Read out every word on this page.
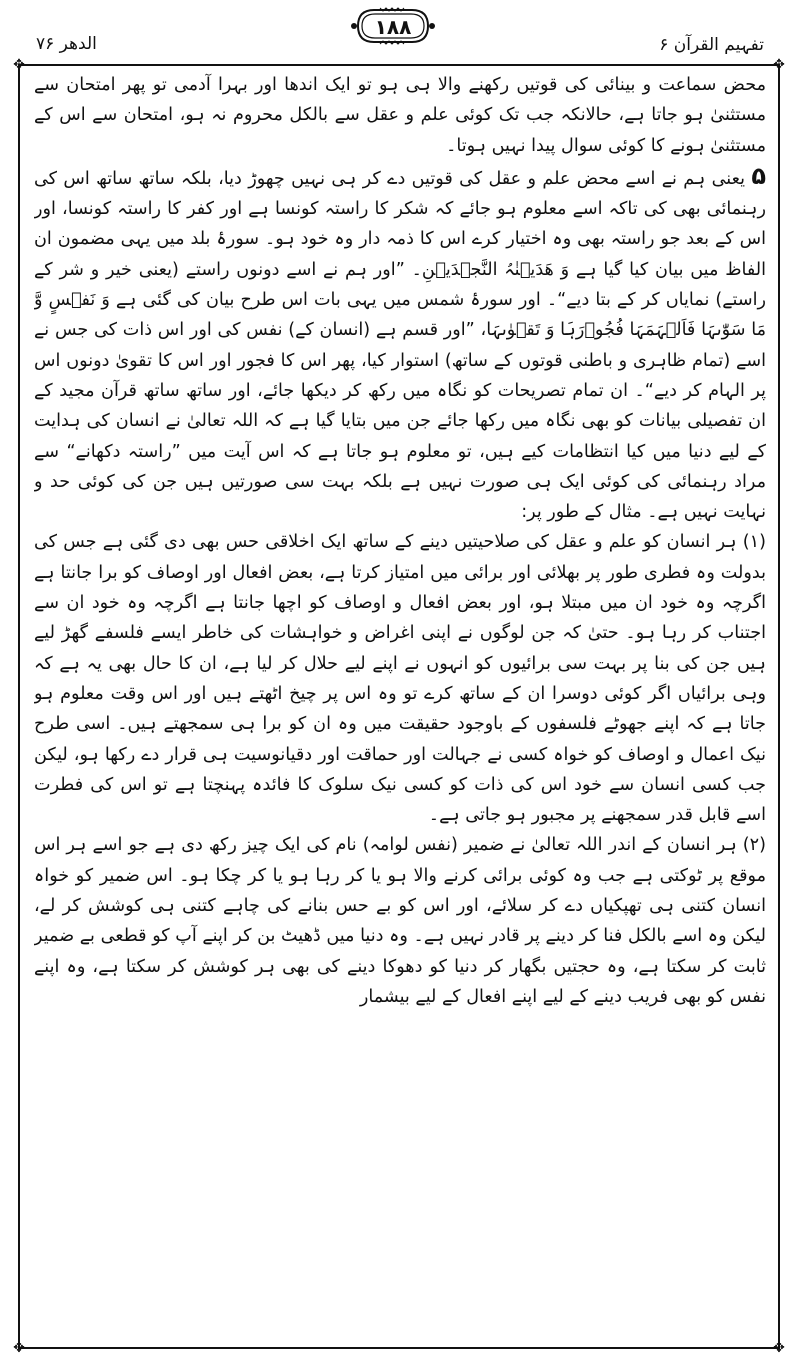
الدھر ۷۶
۱۸۸
تفہیم القرآن ۶
✥	✥
✥	✥

محض سماعت و بینائی کی قوتیں رکھنے والا ہی ہو تو ایک اندھا اور بہرا آدمی تو پھر امتحان سے مستثنیٰ ہو جاتا ہے، حالانکہ جب تک کوئی علم و عقل سے بالکل محروم نہ ہو، امتحان سے اس کے مستثنیٰ ہونے کا کوئی سوال پیدا نہیں ہوتا۔

۵ یعنی ہم نے اسے محض علم و عقل کی قوتیں دے کر ہی نہیں چھوڑ دیا، بلکہ ساتھ ساتھ اس کی رہنمائی بھی کی تاکہ اسے معلوم ہو جائے کہ شکر کا راستہ کونسا ہے اور کفر کا راستہ کونسا، اور اس کے بعد جو راستہ بھی وہ اختیار کرے اس کا ذمہ دار وہ خود ہو۔ سورۂ بلد میں یہی مضمون ان الفاظ میں بیان کیا گیا ہے وَ ھَدَیۡنٰہُ النَّجۡدَیۡنِ۔ ”اور ہم نے اسے دونوں راستے (یعنی خیر و شر کے راستے) نمایاں کر کے بتا دیے“۔ اور سورۂ شمس میں یہی بات اس طرح بیان کی گئی ہے وَ نَفۡسٍ وَّ مَا سَوّٰىہَا فَاَلۡہَمَہَا فُجُوۡرَہَا وَ تَقۡوٰىہَا، ”اور قسم ہے (انسان کے) نفس کی اور اس ذات کی جس نے اسے (تمام ظاہری و باطنی قوتوں کے ساتھ) استوار کیا، پھر اس کا فجور اور اس کا تقویٰ دونوں اس پر الہام کر دیے“۔ ان تمام تصریحات کو نگاہ میں رکھ کر دیکھا جائے، اور ساتھ ساتھ قرآن مجید کے ان تفصیلی بیانات کو بھی نگاہ میں رکھا جائے جن میں بتایا گیا ہے کہ اللہ تعالیٰ نے انسان کی ہدایت کے لیے دنیا میں کیا انتظامات کیے ہیں، تو معلوم ہو جاتا ہے کہ اس آیت میں ”راستہ دکھانے“ سے مراد رہنمائی کی کوئی ایک ہی صورت نہیں ہے بلکہ بہت سی صورتیں ہیں جن کی کوئی حد و نہایت نہیں ہے۔ مثال کے طور پر:

(۱) ہر انسان کو علم و عقل کی صلاحیتیں دینے کے ساتھ ایک اخلاقی حس بھی دی گئی ہے جس کی بدولت وہ فطری طور پر بھلائی اور برائی میں امتیاز کرتا ہے، بعض افعال اور اوصاف کو برا جانتا ہے اگرچہ وہ خود ان میں مبتلا ہو، اور بعض افعال و اوصاف کو اچھا جانتا ہے اگرچہ وہ خود ان سے اجتناب کر رہا ہو۔ حتیٰ کہ جن لوگوں نے اپنی اغراض و خواہشات کی خاطر ایسے فلسفے گھڑ لیے ہیں جن کی بنا پر بہت سی برائیوں کو انہوں نے اپنے لیے حلال کر لیا ہے، ان کا حال بھی یہ ہے کہ وہی برائیاں اگر کوئی دوسرا ان کے ساتھ کرے تو وہ اس پر چیخ اٹھتے ہیں اور اس وقت معلوم ہو جاتا ہے کہ اپنے جھوٹے فلسفوں کے باوجود حقیقت میں وہ ان کو برا ہی سمجھتے ہیں۔ اسی طرح نیک اعمال و اوصاف کو خواہ کسی نے جہالت اور حماقت اور دقیانوسیت ہی قرار دے رکھا ہو، لیکن جب کسی انسان سے خود اس کی ذات کو کسی نیک سلوک کا فائدہ پہنچتا ہے تو اس کی فطرت اسے قابل قدر سمجھنے پر مجبور ہو جاتی ہے۔

(۲) ہر انسان کے اندر اللہ تعالیٰ نے ضمیر (نفس لوامہ) نام کی ایک چیز رکھ دی ہے جو اسے ہر اس موقع پر ٹوکتی ہے جب وہ کوئی برائی کرنے والا ہو یا کر رہا ہو یا کر چکا ہو۔ اس ضمیر کو خواہ انسان کتنی ہی تھپکیاں دے کر سلائے، اور اس کو بے حس بنانے کی چاہے کتنی ہی کوشش کر لے، لیکن وہ اسے بالکل فنا کر دینے پر قادر نہیں ہے۔ وہ دنیا میں ڈھیٹ بن کر اپنے آپ کو قطعی بے ضمیر ثابت کر سکتا ہے، وہ حجتیں بگھار کر دنیا کو دھوکا دینے کی بھی ہر کوشش کر سکتا ہے، وہ اپنے نفس کو بھی فریب دینے کے لیے اپنے افعال کے لیے بیشمار
